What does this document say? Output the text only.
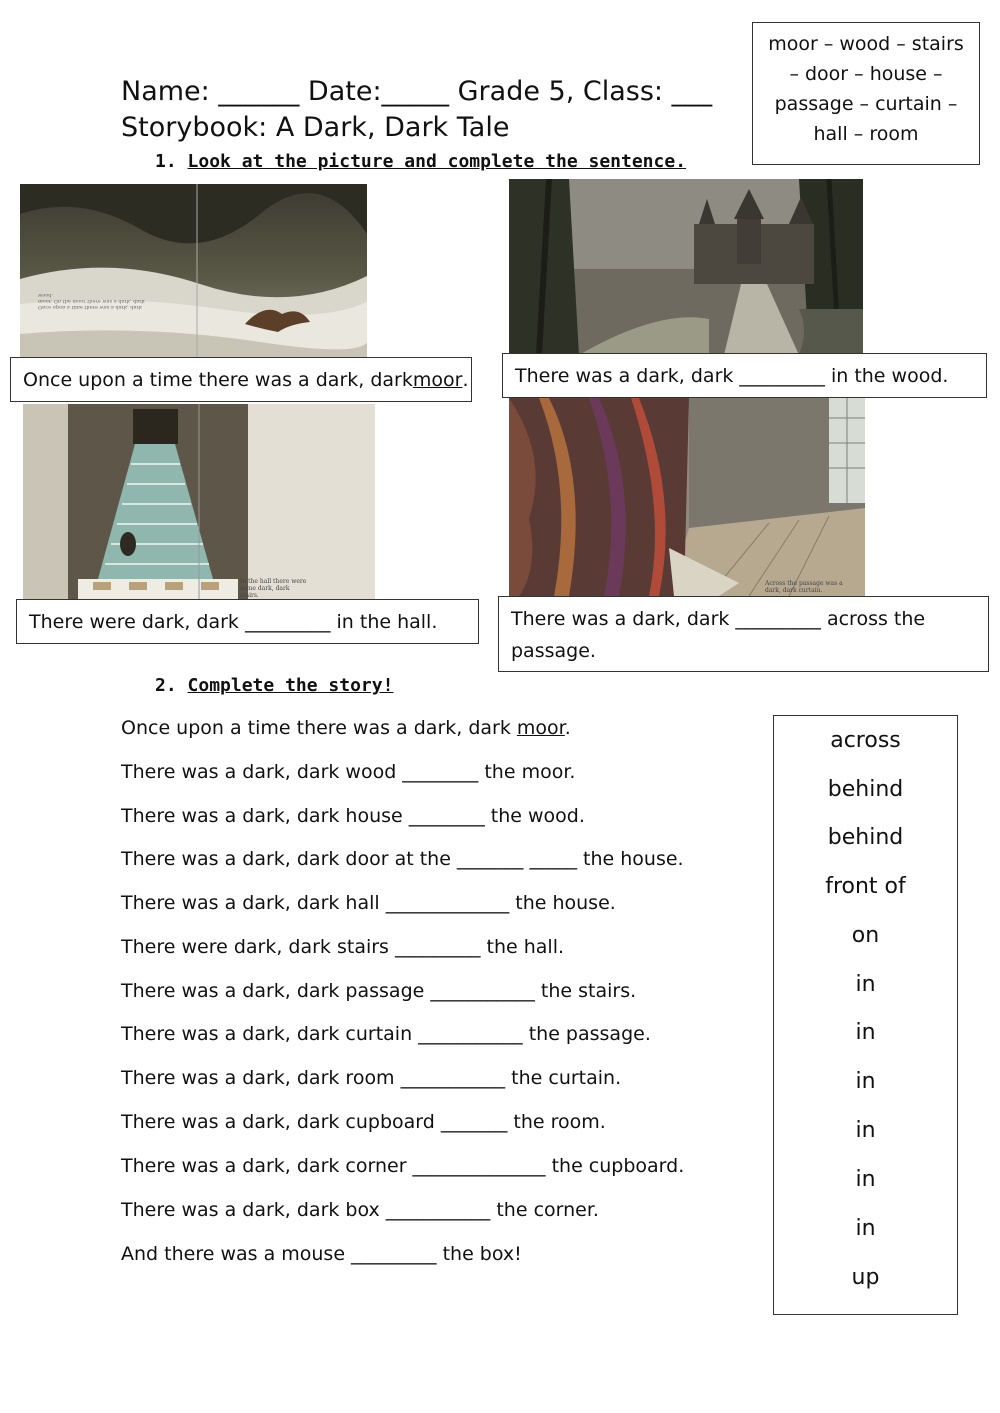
Name: ______ Date:_____ Grade 5, Class: ___
Storybook: A Dark, Dark Tale
moor – wood – stairs
– door – house –
passage – curtain –
hall – room
1. Look at the picture and complete the sentence.
Once upon a time there was a dark, dark moor .	There was a dark, dark _________ in the wood.
There were dark, dark _________ in the hall.	There was a dark, dark _________ across the passage.
2. Complete the story!
Once upon a time there was a dark, dark moor.
There was a dark, dark wood ________ the moor.
There was a dark, dark house ________ the wood.
There was a dark, dark door at the _______ _____ the house.
There was a dark, dark hall _____________ the house.
There were dark, dark stairs _________ the hall.
There was a dark, dark passage ___________ the stairs.
There was a dark, dark curtain ___________ the passage.
There was a dark, dark room ___________ the curtain.
There was a dark, dark cupboard _______ the room.
There was a dark, dark corner ______________ the cupboard.
There was a dark, dark box ___________ the corner.
And there was a mouse _________ the box!
across
behind
behind
front of
on
in
in
in
in
in
in
up
Once upon a time there was a dark, dark moor. On the moor there was a dark, dark wood.
In the hall there were some dark, dark stairs.
Across the passage was a dark, dark curtain.
